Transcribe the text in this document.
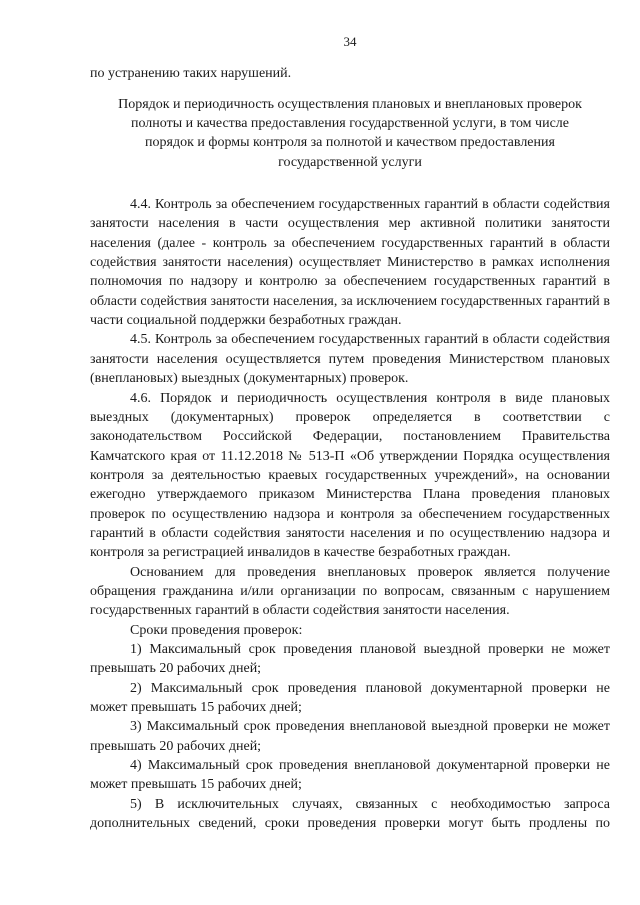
34

по устранению таких нарушений.

Порядок и периодичность осуществления плановых и внеплановых проверок
полноты и качества предоставления государственной услуги, в том числе
порядок и формы контроля за полнотой и качеством предоставления
государственной услуги

4.4. Контроль за обеспечением государственных гарантий в области содействия занятости населения в части осуществления мер активной политики занятости населения (далее - контроль за обеспечением государственных гарантий в области содействия занятости населения) осуществляет Министерство в рамках исполнения полномочия по надзору и контролю за обеспечением государственных гарантий в области содействия занятости населения, за исключением государственных гарантий в части социальной поддержки безработных граждан.

4.5. Контроль за обеспечением государственных гарантий в области содействия занятости населения осуществляется путем проведения Министерством плановых (внеплановых) выездных (документарных) проверок.

4.6. Порядок и периодичность осуществления контроля в виде плановых выездных (документарных) проверок определяется в соответствии с законодательством Российской Федерации, постановлением Правительства Камчатского края от 11.12.2018 № 513-П «Об утверждении Порядка осуществления контроля за деятельностью краевых государственных учреждений», на основании ежегодно утверждаемого приказом Министерства Плана проведения плановых проверок по осуществлению надзора и контроля за обеспечением государственных гарантий в области содействия занятости населения и по осуществлению надзора и контроля за регистрацией инвалидов в качестве безработных граждан.

Основанием для проведения внеплановых проверок является получение обращения гражданина и/или организации по вопросам, связанным с нарушением государственных гарантий в области содействия занятости населения.

Сроки проведения проверок:

1) Максимальный срок проведения плановой выездной проверки не может превышать 20 рабочих дней;

2) Максимальный срок проведения плановой документарной проверки не может превышать 15 рабочих дней;

3) Максимальный срок проведения внеплановой выездной проверки не может превышать 20 рабочих дней;

4) Максимальный срок проведения внеплановой документарной проверки не может превышать 15 рабочих дней;

5) В исключительных случаях, связанных с необходимостью запроса дополнительных сведений, сроки проведения проверки могут быть продлены по
